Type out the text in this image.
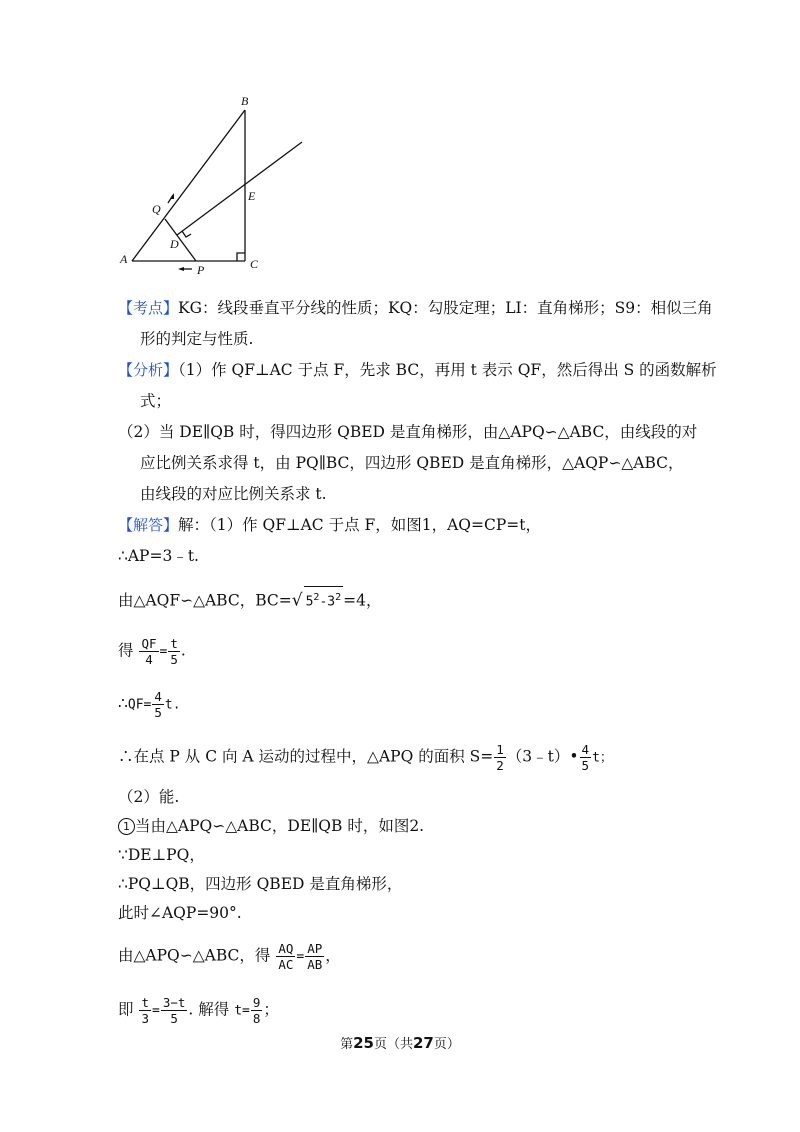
B
A	C
E
Q
D
P
【考点】KG：线段垂直平分线的性质；KQ：勾股定理；LI：直角梯形；S9：相似三角
形的判定与性质.
【分析】（1）作 QF⊥AC 于点 F，先求 BC，再用 t 表示 QF，然后得出 S 的函数解析
式；
（2）当 DE∥QB 时，得四边形 QBED 是直角梯形，由△APQ∽△ABC，由线段的对
应比例关系求得 t，由 PQ∥BC，四边形 QBED 是直角梯形，△AQP∽△ABC，
由线段的对应比例关系求 t.
【解答】解：（1）作 QF⊥AC 于点 F，如图1，AQ=CP=t，
∴AP=3﹣t.
由△AQF∽△ABC，BC=√ $5^2-3^2 =4$，
得 $\frac{QF}{4} = \frac{t}{5}$ .
∴QF= $\frac{4}{5} t$.
∴在点 P 从 C 向 A 运动的过程中，△APQ 的面积 $S= \frac{1}{2}$ （3﹣t）• $\frac{4}{5}$ t；
（2）能.
1 当由△APQ∽△ABC，DE∥QB 时，如图2.
∵DE⊥PQ，
∴PQ⊥QB，四边形 QBED 是直角梯形，
此时∠AQP=90°.
由△APQ∽△ABC，得 $\frac{AQ}{AC} = \frac{AP}{AB}$ ，
即 $\frac{t}{3} = \frac{3-t}{5}$ . 解得 $t= \frac{9}{8}$ ；
第25页（共27页）
